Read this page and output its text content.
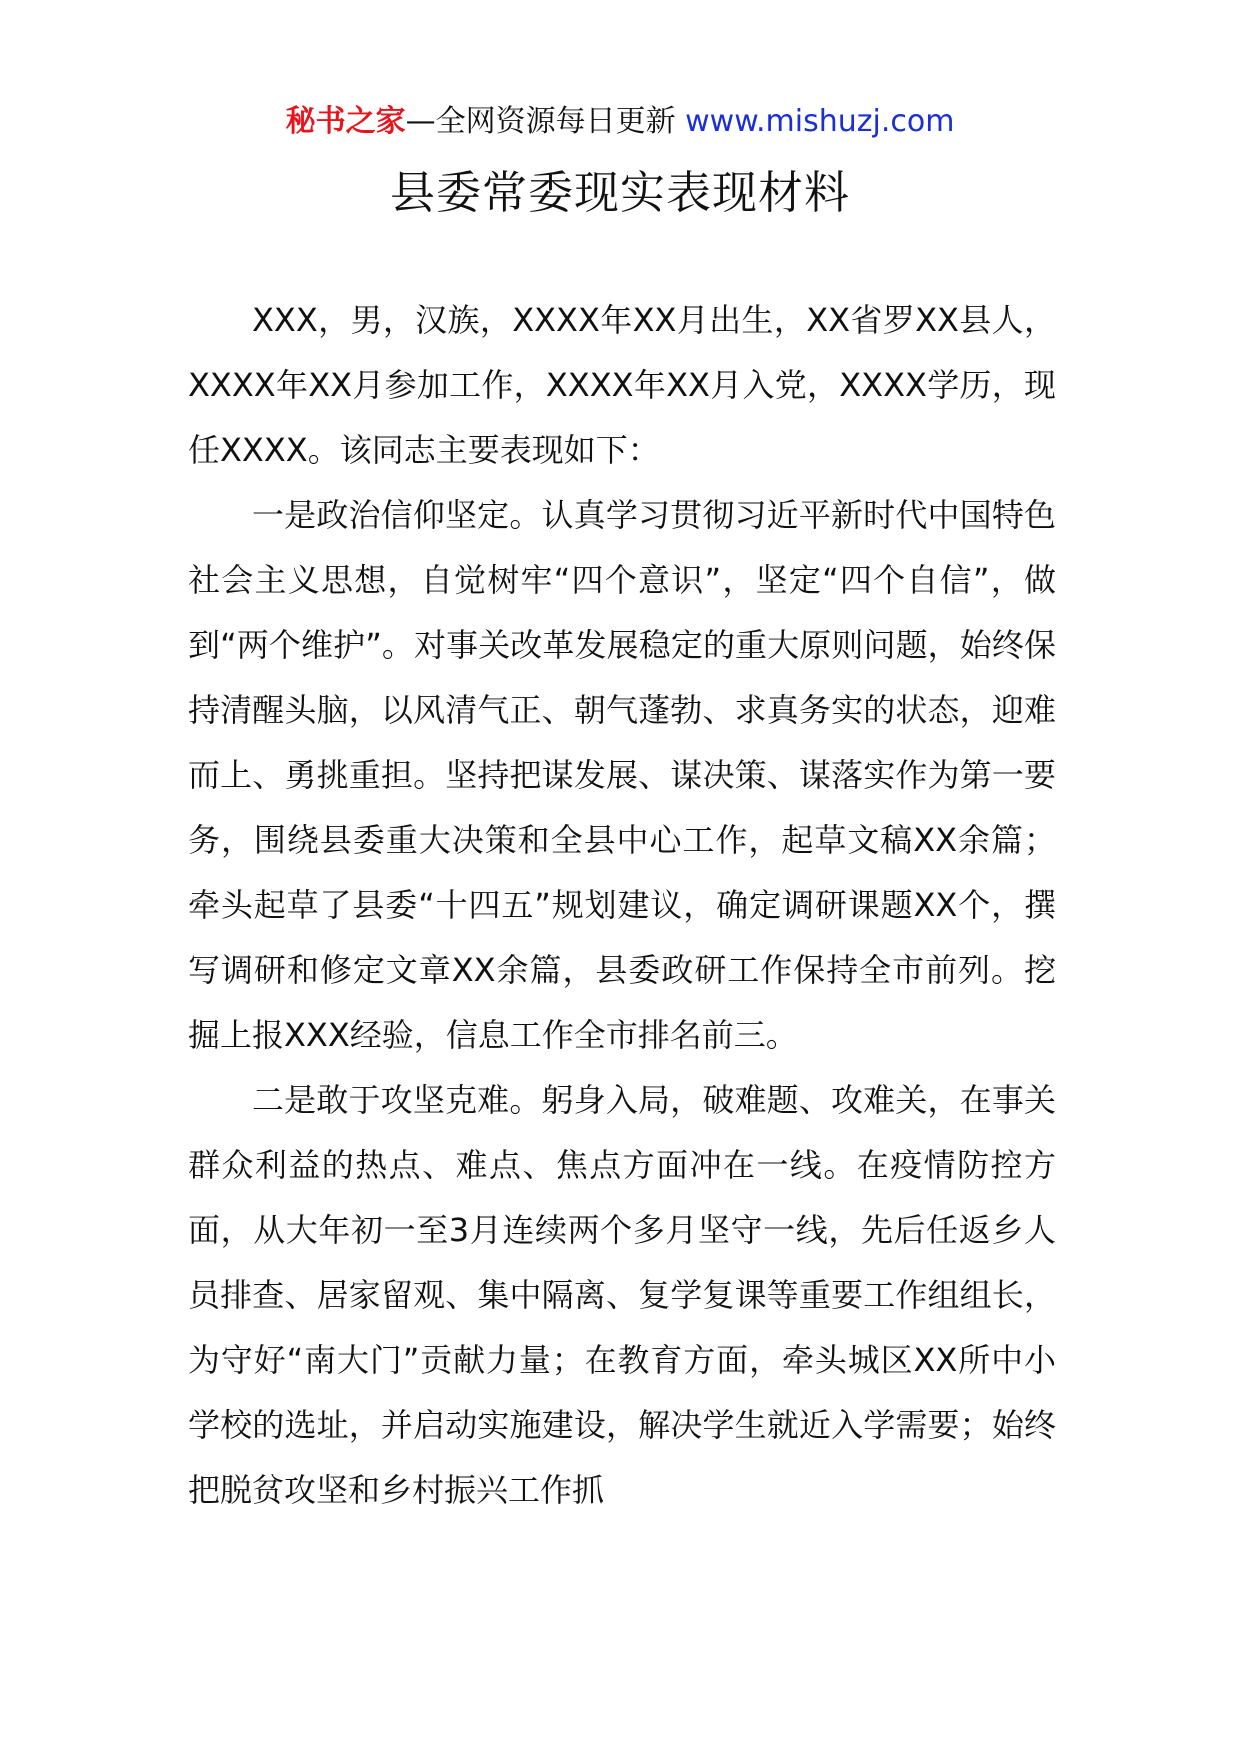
秘书之家—全网资源每日更新 www.mishuzj.com
县委常委现实表现材料

XXX，男，汉族，XXXX年XX月出生，XX省罗XX县人，XXXX年XX月参加工作，XXXX年XX月入党，XXXX学历，现任XXXX。该同志主要表现如下：

一是政治信仰坚定。认真学习贯彻习近平新时代中国特色社会主义思想，自觉树牢“四个意识”，坚定“四个自信”，做到“两个维护”。对事关改革发展稳定的重大原则问题，始终保持清醒头脑，以风清气正、朝气蓬勃、求真务实的状态，迎难而上、勇挑重担。坚持把谋发展、谋决策、谋落实作为第一要务，围绕县委重大决策和全县中心工作，起草文稿XX余篇；牵头起草了县委“十四五”规划建议，确定调研课题XX个，撰写调研和修定文章XX余篇，县委政研工作保持全市前列。挖掘上报XXX经验，信息工作全市排名前三。

二是敢于攻坚克难。躬身入局，破难题、攻难关，在事关群众利益的热点、难点、焦点方面冲在一线。在疫情防控方面，从大年初一至3月连续两个多月坚守一线，先后任返乡人员排查、居家留观、集中隔离、复学复课等重要工作组组长，为守好“南大门”贡献力量；在教育方面，牵头城区XX所中小学校的选址，并启动实施建设，解决学生就近入学需要；始终把脱贫攻坚和乡村振兴工作抓
